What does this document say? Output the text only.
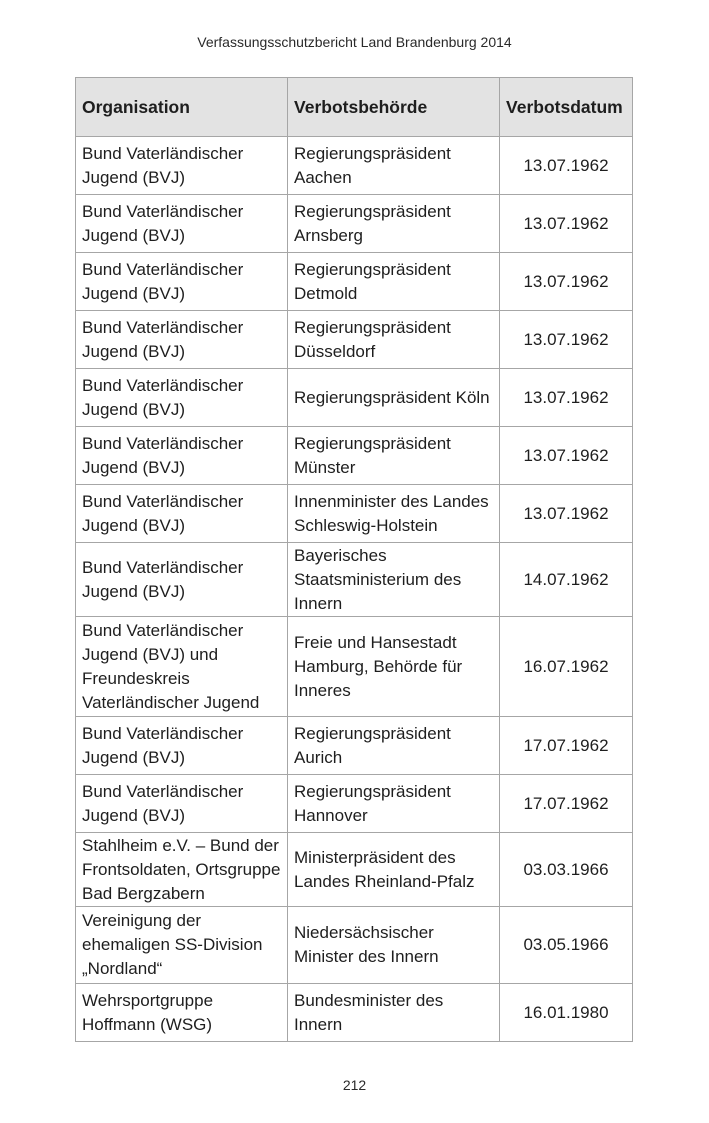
Verfassungsschutzbericht Land Brandenburg 2014
Organisation	Verbotsbehörde	Verbotsdatum
Bund Vaterländischer Jugend (BVJ)	Regierungspräsident Aachen	13.07.1962
Bund Vaterländischer Jugend (BVJ)	Regierungspräsident Arnsberg	13.07.1962
Bund Vaterländischer Jugend (BVJ)	Regierungspräsident Detmold	13.07.1962
Bund Vaterländischer Jugend (BVJ)	Regierungspräsident Düsseldorf	13.07.1962
Bund Vaterländischer Jugend (BVJ)	Regierungspräsident Köln	13.07.1962
Bund Vaterländischer Jugend (BVJ)	Regierungspräsident Münster	13.07.1962
Bund Vaterländischer Jugend (BVJ)	Innenminister des Landes Schleswig-Holstein	13.07.1962
Bund Vaterländischer Jugend (BVJ)	Bayerisches Staatsministerium des Innern	14.07.1962
Bund Vaterländischer Jugend (BVJ) und Freundeskreis Vaterländischer Jugend	Freie und Hansestadt Hamburg, Behörde für Inneres	16.07.1962
Bund Vaterländischer Jugend (BVJ)	Regierungspräsident Aurich	17.07.1962
Bund Vaterländischer Jugend (BVJ)	Regierungspräsident Hannover	17.07.1962
Stahlheim e.V. – Bund der Frontsoldaten, Ortsgruppe Bad Bergzabern	Ministerpräsident des Landes Rheinland-Pfalz	03.03.1966
Vereinigung der ehemaligen SS-Division „Nordland“	Niedersächsischer Minister des Innern	03.05.1966
Wehrsportgruppe Hoffmann (WSG)	Bundesminister des Innern	16.01.1980
212
